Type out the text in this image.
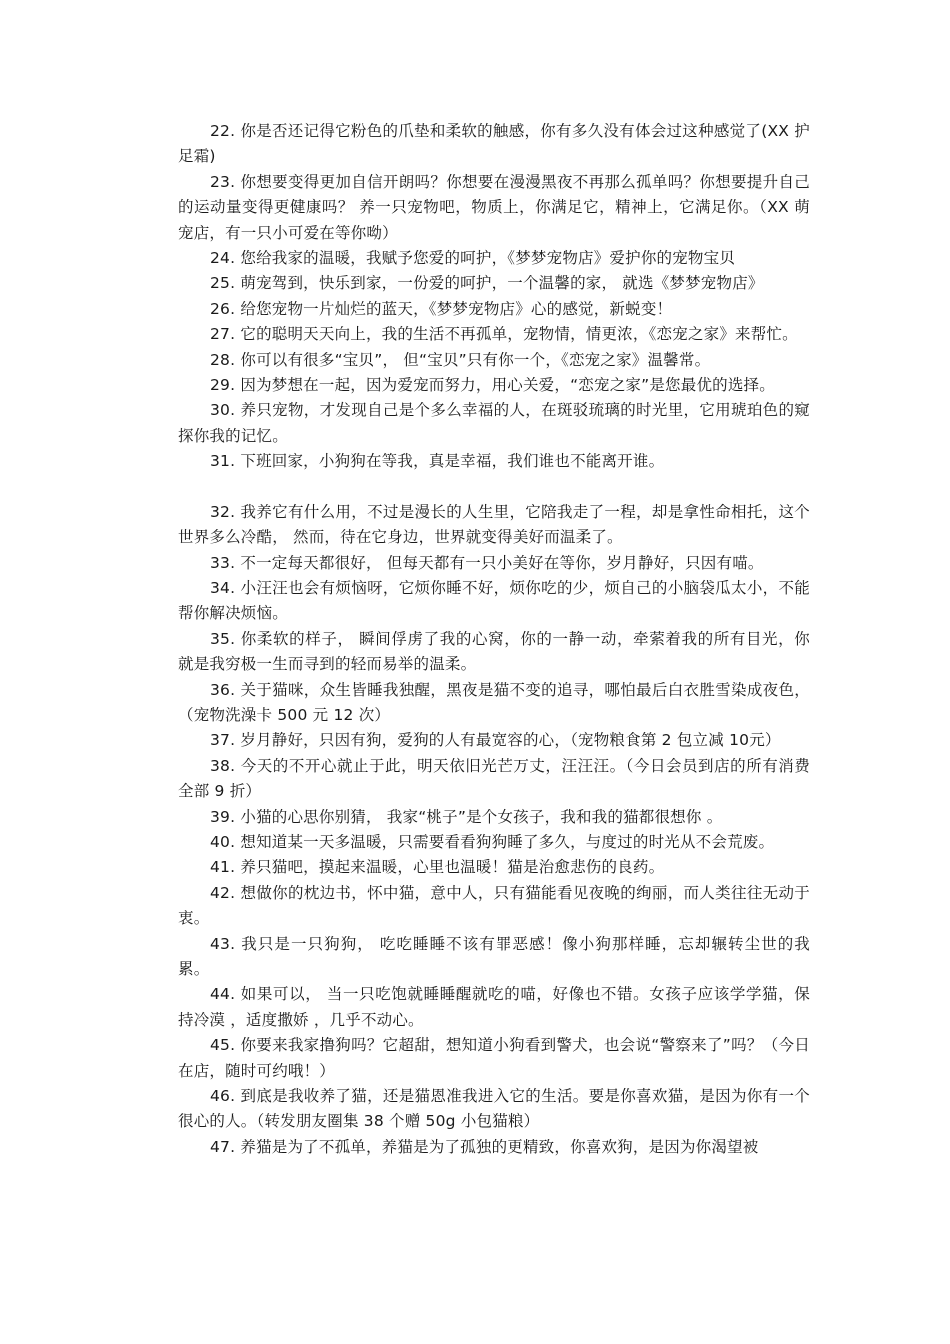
22. 你是否还记得它粉色的爪垫和柔软的触感，你有多久没有体会过这种感觉了(XX 护足霜)

23. 你想要变得更加自信开朗吗？你想要在漫漫黑夜不再那么孤单吗？你想要提升自己的运动量变得更健康吗？ 养一只宠物吧，物质上，你满足它，精神上，它满足你。（XX 萌宠店，有一只小可爱在等你呦）

24. 您给我家的温暖，我赋予您爱的呵护，《梦梦宠物店》爱护你的宠物宝贝

25. 萌宠驾到，快乐到家，一份爱的呵护，一个温馨的家， 就选《梦梦宠物店》

26. 给您宠物一片灿烂的蓝天，《梦梦宠物店》心的感觉，新蜕变！

27. 它的聪明天天向上，我的生活不再孤单，宠物情，情更浓，《恋宠之家》来帮忙。

28. 你可以有很多“宝贝”， 但“宝贝”只有你一个，《恋宠之家》温馨常。

29. 因为梦想在一起，因为爱宠而努力，用心关爱，“恋宠之家”是您最优的选择。

30. 养只宠物，才发现自己是个多么幸福的人，在斑驳琉璃的时光里，它用琥珀色的窥探你我的记忆。

31. 下班回家，小狗狗在等我，真是幸福，我们谁也不能离开谁。

32. 我养它有什么用，不过是漫长的人生里，它陪我走了一程，却是拿性命相托，这个世界多么冷酷， 然而，待在它身边，世界就变得美好而温柔了。

33. 不一定每天都很好， 但每天都有一只小美好在等你，岁月静好，只因有喵。

34. 小汪汪也会有烦恼呀，它烦你睡不好，烦你吃的少，烦自己的小脑袋瓜太小，不能帮你解决烦恼。

35. 你柔软的样子， 瞬间俘虏了我的心窝，你的一静一动，牵萦着我的所有目光，你就是我穷极一生而寻到的轻而易举的温柔。

36. 关于猫咪，众生皆睡我独醒，黑夜是猫不变的追寻，哪怕最后白衣胜雪染成夜色，（宠物洗澡卡 500 元 12 次）

37. 岁月静好，只因有狗，爱狗的人有最宽容的心，（宠物粮食第 2 包立减 10元）

38. 今天的不开心就止于此，明天依旧光芒万丈，汪汪汪。（今日会员到店的所有消费全部 9 折）

39. 小猫的心思你别猜， 我家“桃子”是个女孩子，我和我的猫都很想你 。

40. 想知道某一天多温暖，只需要看看狗狗睡了多久，与度过的时光从不会荒废。

41. 养只猫吧，摸起来温暖，心里也温暖！猫是治愈悲伤的良药。

42. 想做你的枕边书，怀中猫，意中人，只有猫能看见夜晚的绚丽，而人类往往无动于衷。

43. 我只是一只狗狗， 吃吃睡睡不该有罪恶感！像小狗那样睡，忘却辗转尘世的我累。

44. 如果可以， 当一只吃饱就睡睡醒就吃的喵，好像也不错。女孩子应该学学猫，保持冷漠 ，适度撒娇 ，几乎不动心。

45. 你要来我家撸狗吗？它超甜，想知道小狗看到警犬，也会说“警察来了”吗？（今日在店，随时可约哦！）

46. 到底是我收养了猫，还是猫恩准我进入它的生活。要是你喜欢猫，是因为你有一个很心的人。（转发朋友圈集 38 个赠 50g 小包猫粮）

47. 养猫是为了不孤单，养猫是为了孤独的更精致，你喜欢狗，是因为你渴望被
